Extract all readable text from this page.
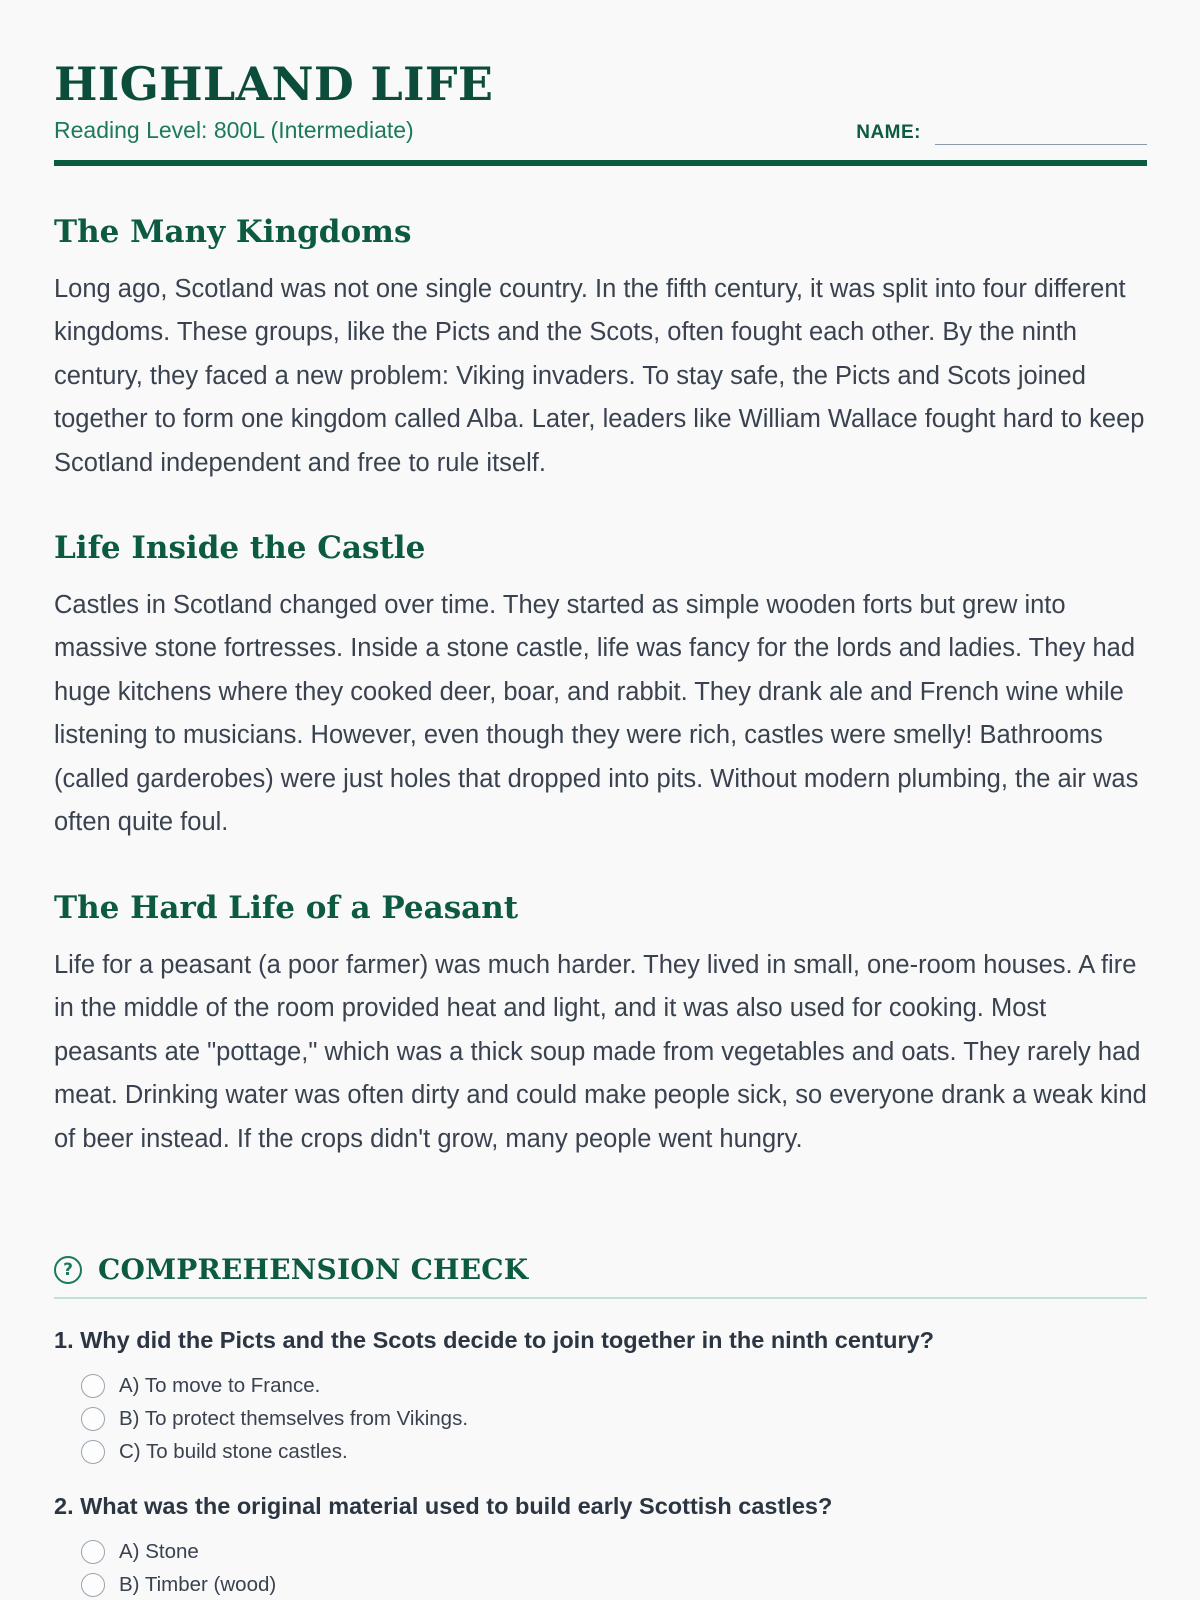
HIGHLAND LIFE
Reading Level: 800L (Intermediate)	NAME:
The Many Kingdoms

Long ago, Scotland was not one single country. In the fifth century, it was split into four different kingdoms. These groups, like the Picts and the Scots, often fought each other. By the ninth century, they faced a new problem: Viking invaders. To stay safe, the Picts and Scots joined together to form one kingdom called Alba. Later, leaders like William Wallace fought hard to keep Scotland independent and free to rule itself.

Life Inside the Castle

Castles in Scotland changed over time. They started as simple wooden forts but grew into massive stone fortresses. Inside a stone castle, life was fancy for the lords and ladies. They had huge kitchens where they cooked deer, boar, and rabbit. They drank ale and French wine while listening to musicians. However, even though they were rich, castles were smelly! Bathrooms (called garderobes) were just holes that dropped into pits. Without modern plumbing, the air was often quite foul.

The Hard Life of a Peasant

Life for a peasant (a poor farmer) was much harder. They lived in small, one-room houses. A fire in the middle of the room provided heat and light, and it was also used for cooking. Most peasants ate "pottage," which was a thick soup made from vegetables and oats. They rarely had meat. Drinking water was often dirty and could make people sick, so everyone drank a weak kind of beer instead. If the crops didn't grow, many people went hungry.

? COMPREHENSION CHECK

1. Why did the Picts and the Scots decide to join together in the ninth century?

A) To move to France.
B) To protect themselves from Vikings.
C) To build stone castles.

2. What was the original material used to build early Scottish castles?

A) Stone
B) Timber (wood)
